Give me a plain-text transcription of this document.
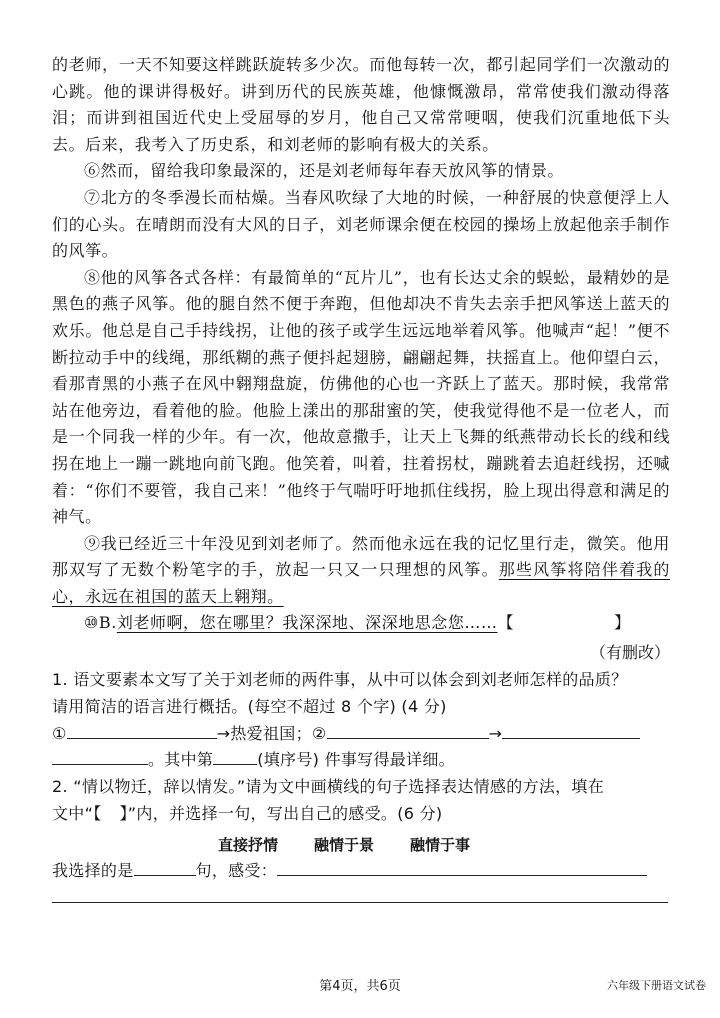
的老师，一天不知要这样跳跃旋转多少次。而他每转一次，都引起同学们一次激动的心跳。他的课讲得极好。讲到历代的民族英雄，他慷慨激昂，常常使我们激动得落泪；而讲到祖国近代史上受屈辱的岁月，他自己又常常哽咽，使我们沉重地低下头去。后来，我考入了历史系，和刘老师的影响有极大的关系。

⑥然而，留给我印象最深的，还是刘老师每年春天放风筝的情景。

⑦北方的冬季漫长而枯燥。当春风吹绿了大地的时候，一种舒展的快意便浮上人们的心头。在晴朗而没有大风的日子，刘老师课余便在校园的操场上放起他亲手制作的风筝。

⑧他的风筝各式各样：有最简单的“瓦片儿”，也有长达丈余的蜈蚣，最精妙的是黑色的燕子风筝。他的腿自然不便于奔跑，但他却决不肯失去亲手把风筝送上蓝天的欢乐。他总是自己手持线拐，让他的孩子或学生远远地举着风筝。他喊声“起！”便不断拉动手中的线绳，那纸糊的燕子便抖起翅膀，翩翩起舞，扶摇直上。他仰望白云，看那青黑的小燕子在风中翱翔盘旋，仿佛他的心也一齐跃上了蓝天。那时候，我常常站在他旁边，看着他的脸。他脸上漾出的那甜蜜的笑，使我觉得他不是一位老人，而是一个同我一样的少年。有一次，他故意撒手，让天上飞舞的纸燕带动长长的线和线拐在地上一蹦一跳地向前飞跑。他笑着，叫着，拄着拐杖，蹦跳着去追赶线拐，还喊着：“你们不要管，我自己来！”他终于气喘吁吁地抓住线拐，脸上现出得意和满足的神气。

⑨我已经近三十年没见到刘老师了。然而他永远在我的记忆里行走，微笑。他用那双写了无数个粉笔字的手，放起一只又一只理想的风筝。那些风筝将陪伴着我的心，永远在祖国的蓝天上翱翔。

⑩B.刘老师啊，您在哪里？我深深地、深深地思念您……【	】

（有删改）

1. 语文要素本文写了关于刘老师的两件事，从中可以体会到刘老师怎样的品质？

请用简洁的语言进行概括。(每空不超过 8 个字) (4 分)

①	→热爱祖国；②	→

。其中第	(填序号) 件事写得最详细。

2. “情以物迁，辞以情发。”请为文中画横线的句子选择表达情感的方法，填在

文中“【 】”内，并选择一句，写出自己的感受。(6 分)

直接抒情 融情于景 融情于事

我选择的是	句，感受：

第4页，共6页	六年级下册语文试卷
